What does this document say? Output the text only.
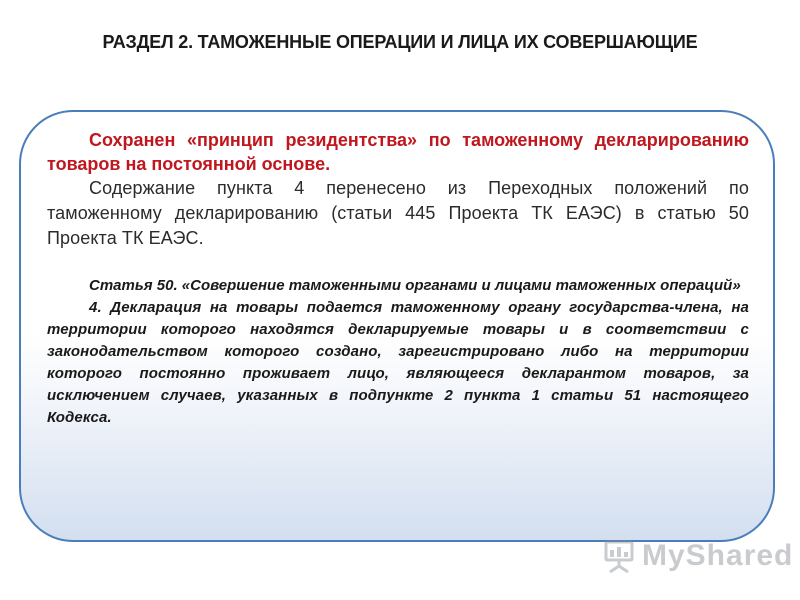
РАЗДЕЛ 2. ТАМОЖЕННЫЕ ОПЕРАЦИИ И ЛИЦА ИХ СОВЕРШАЮЩИЕ

Сохранен «принцип резидентства» по таможенному декларированию товаров на постоянной основе.

Содержание пункта 4 перенесено из Переходных положений по таможенному декларированию (статьи 445 Проекта ТК ЕАЭС) в статью 50 Проекта ТК ЕАЭС.

Статья 50. «Совершение таможенными органами и лицами таможенных операций»

4. Декларация на товары подается таможенному органу государства-члена, на территории которого находятся декларируемые товары и в соответствии с законодательством которого создано, зарегистрировано либо на территории которого постоянно проживает лицо, являющееся декларантом товаров, за исключением случаев, указанных в подпункте 2 пункта 1 статьи 51 настоящего Кодекса.

MyShared
